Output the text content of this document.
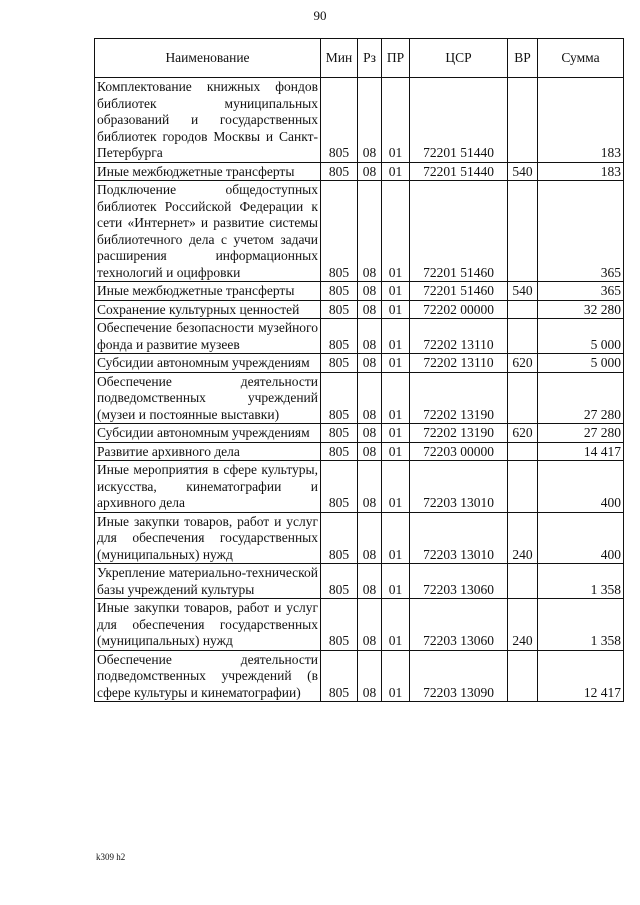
90
Наименование	Мин	Рз	ПР	ЦСР	ВР	Сумма
Комплектование книжных фондов библиотек муниципальных образований и государственных библиотек городов Москвы и Санкт-Петербурга	805	08	01	72201 51440		183
Иные межбюджетные трансферты	805	08	01	72201 51440	540	183
Подключение общедоступных библиотек Российской Федерации к сети «Интернет» и развитие системы библиотечного дела с учетом задачи расширения информационных технологий и оцифровки	805	08	01	72201 51460		365
Иные межбюджетные трансферты	805	08	01	72201 51460	540	365
Сохранение культурных ценностей	805	08	01	72202 00000		32 280
Обеспечение безопасности музейного фонда и развитие музеев	805	08	01	72202 13110		5 000
Субсидии автономным учреждениям	805	08	01	72202 13110	620	5 000
Обеспечение деятельности подведомственных учреждений (музеи и постоянные выставки)	805	08	01	72202 13190		27 280
Субсидии автономным учреждениям	805	08	01	72202 13190	620	27 280
Развитие архивного дела	805	08	01	72203 00000		14 417
Иные мероприятия в сфере культуры, искусства, кинематографии и архивного дела	805	08	01	72203 13010		400
Иные закупки товаров, работ и услуг для обеспечения государственных (муниципальных) нужд	805	08	01	72203 13010	240	400
Укрепление материально-технической базы учреждений культуры	805	08	01	72203 13060		1 358
Иные закупки товаров, работ и услуг для обеспечения государственных (муниципальных) нужд	805	08	01	72203 13060	240	1 358
Обеспечение деятельности подведомственных учреждений (в сфере культуры и кинематографии)	805	08	01	72203 13090		12 417
k309 h2
